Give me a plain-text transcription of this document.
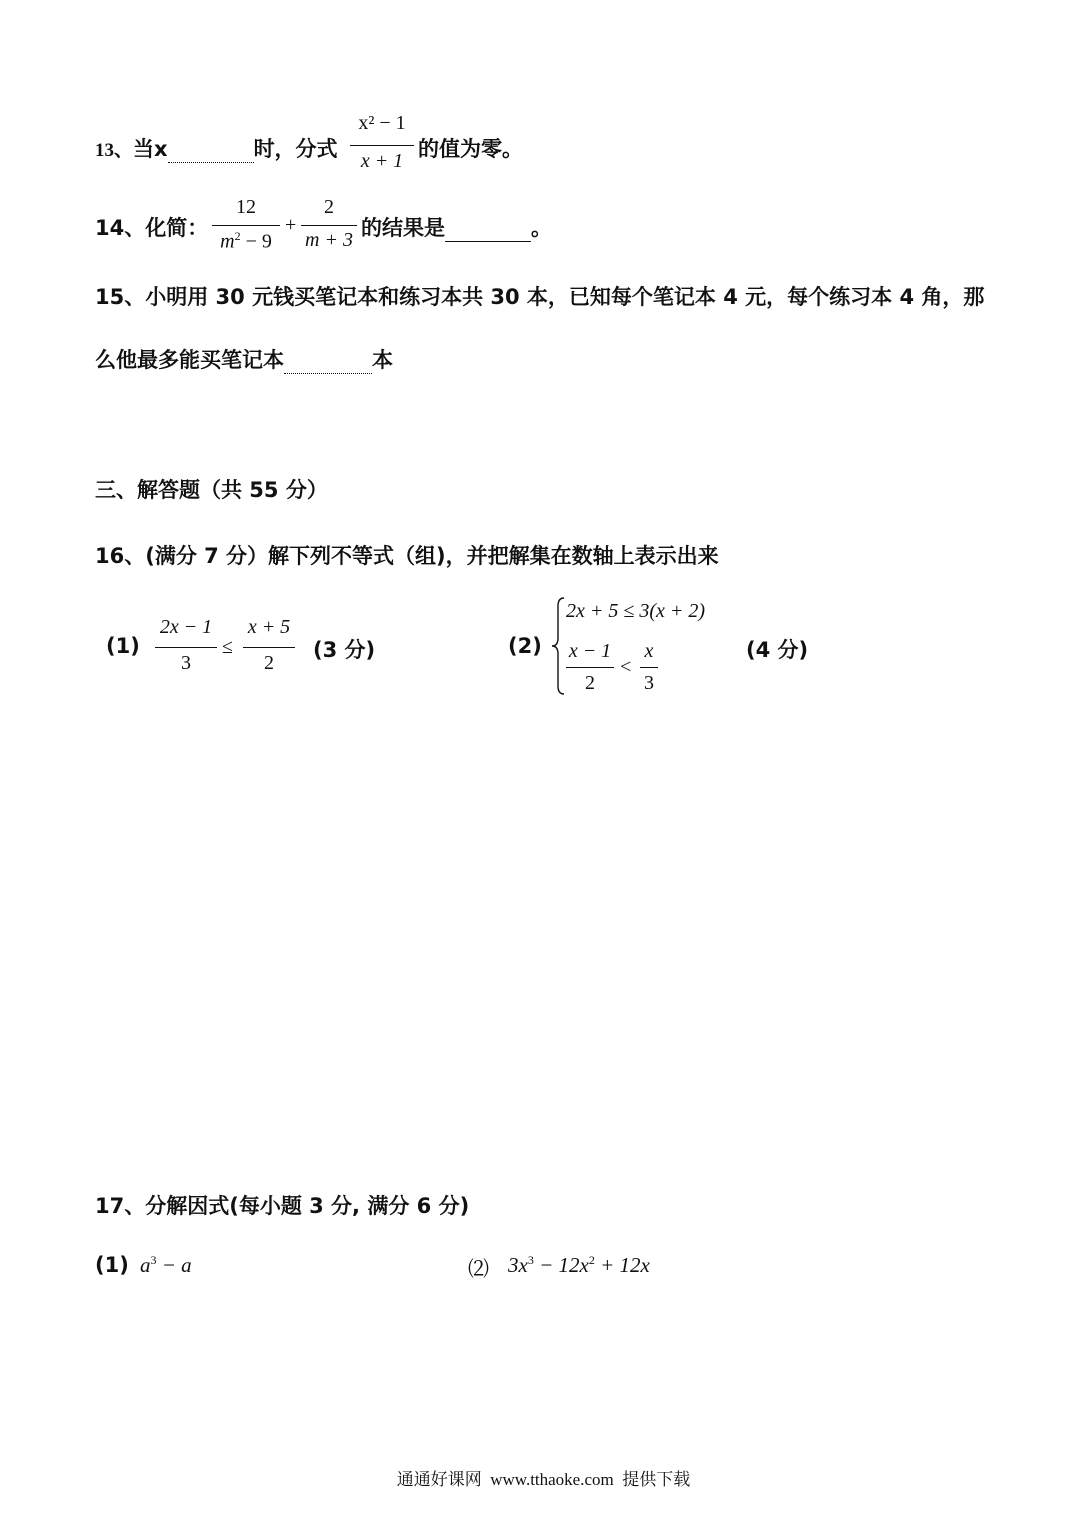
13、当x	时，分式
x² − 1
x + 1 的值为零。
14、化简：
12
$m^2 - 9$
+
2
m + 3 的结果是	。
15、小明用 30 元钱买笔记本和练习本共 30 本，已知每个笔记本 4 元，每个练习本 4 角，那
么他最多能买笔记本	本
三、解答题（共 55 分）
16、(满分 7 分）解下列不等式（组)，并把解集在数轴上表示出来
(1)
2x − 1
3
≤
x + 5
2
(3 分)	(2)
2x + 5 ≤ 3(x + 2)
x − 1
2
<
x
3
(4 分)
17、分解因式(每小题 3 分, 满分 6 分)
(1) $a^3 - a$	⑵ $3x^3 - 12x^2 + 12x$
通通好课网  www.tthaoke.com  提供下载
